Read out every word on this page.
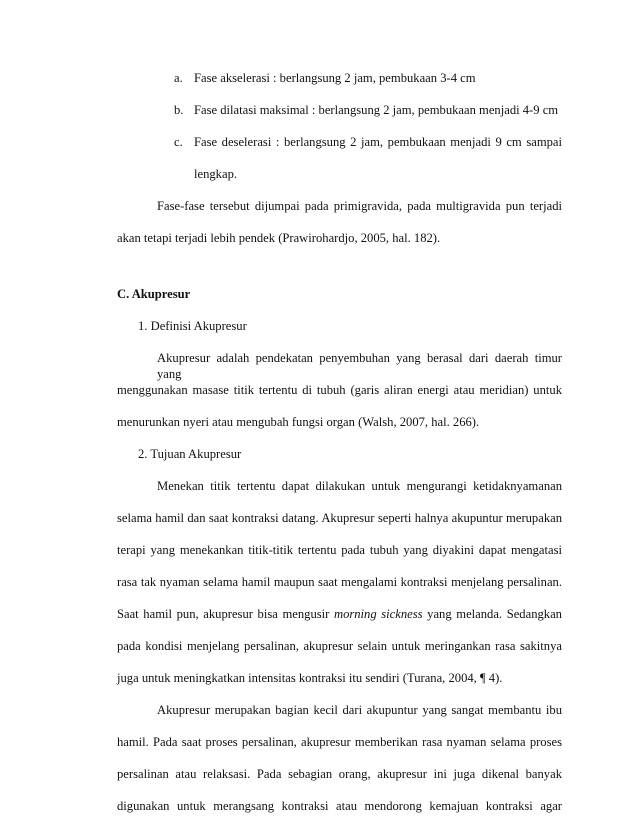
a. Fase akselerasi : berlangsung 2 jam, pembukaan 3-4 cm
b. Fase dilatasi maksimal : berlangsung 2 jam, pembukaan menjadi 4-9 cm
c. Fase deselerasi : berlangsung 2 jam, pembukaan menjadi 9 cm sampai
lengkap.
Fase-fase tersebut dijumpai pada primigravida, pada multigravida pun terjadi
akan tetapi terjadi lebih pendek (Prawirohardjo, 2005, hal. 182).
C. Akupresur
1. Definisi Akupresur
Akupresur adalah pendekatan penyembuhan yang berasal dari daerah timur yang
menggunakan masase titik tertentu di tubuh (garis aliran energi atau meridian) untuk
menurunkan nyeri atau mengubah fungsi organ (Walsh, 2007, hal. 266).
2. Tujuan Akupresur
Menekan titik tertentu dapat dilakukan untuk mengurangi ketidaknyamanan
selama hamil dan saat kontraksi datang. Akupresur seperti halnya akupuntur merupakan
terapi yang menekankan titik-titik tertentu pada tubuh yang diyakini dapat mengatasi
rasa tak nyaman selama hamil maupun saat mengalami kontraksi menjelang persalinan.
Saat hamil pun, akupresur bisa mengusir morning sickness yang melanda. Sedangkan
pada kondisi menjelang persalinan, akupresur selain untuk meringankan rasa sakitnya
juga untuk meningkatkan intensitas kontraksi itu sendiri (Turana, 2004, ¶ 4).
Akupresur merupakan bagian kecil dari akupuntur yang sangat membantu ibu
hamil. Pada saat proses persalinan, akupresur memberikan rasa nyaman selama proses
persalinan atau relaksasi. Pada sebagian orang, akupresur ini juga dikenal banyak
digunakan untuk merangsang kontraksi atau mendorong kemajuan kontraksi agar
